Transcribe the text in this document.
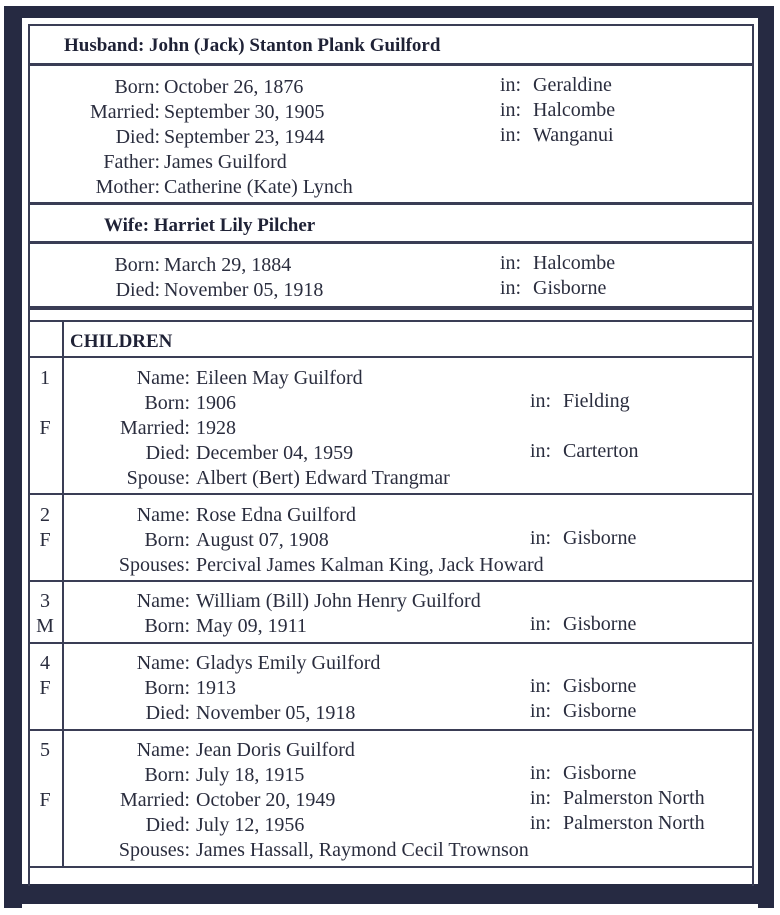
Husband: John (Jack) Stanton Plank Guilford
Born: October 26, 1876	in: Geraldine
Married: September 30, 1905	in: Halcombe
Died: September 23, 1944	in: Wanganui
Father: James Guilford
Mother: Catherine (Kate) Lynch
Wife: Harriet Lily Pilcher
Born: March 29, 1884	in: Halcombe
Died: November 05, 1918	in: Gisborne
CHILDREN
1
F
Name: Eileen May Guilford
Born: 1906	in: Fielding
Married: 1928
Died: December 04, 1959	in: Carterton
Spouse: Albert (Bert) Edward Trangmar
2
F
Name: Rose Edna Guilford
Born: August 07, 1908	in: Gisborne
Spouses: Percival James Kalman King, Jack Howard
3
M
Name: William (Bill) John Henry Guilford
Born: May 09, 1911	in: Gisborne
4
F
Name: Gladys Emily Guilford
Born: 1913	in: Gisborne
Died: November 05, 1918	in: Gisborne
5
F
Name: Jean Doris Guilford
Born: July 18, 1915	in: Gisborne
Married: October 20, 1949	in: Palmerston North
Died: July 12, 1956	in: Palmerston North
Spouses: James Hassall, Raymond Cecil Trownson
